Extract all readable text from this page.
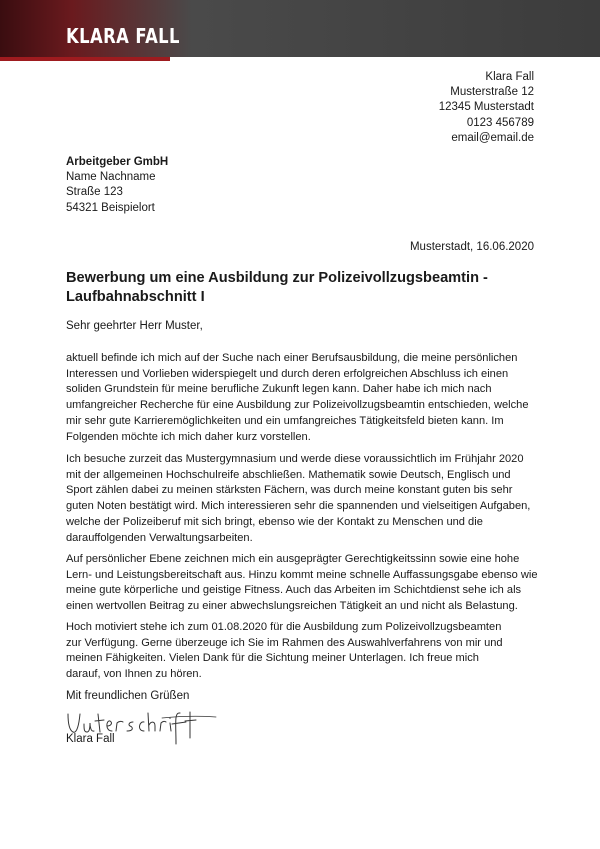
KLARA FALL
Klara Fall
Musterstraße 12
12345 Musterstadt
0123 456789
email@email.de
Arbeitgeber GmbH
Name Nachname
Straße 123
54321 Beispielort
Musterstadt, 16.06.2020
Bewerbung um eine Ausbildung zur Polizeivollzugsbeamtin -
Laufbahnabschnitt I
Sehr geehrter Herr Muster,
aktuell befinde ich mich auf der Suche nach einer Berufsausbildung, die meine persönlichen
Interessen und Vorlieben widerspiegelt und durch deren erfolgreichen Abschluss ich einen
soliden Grundstein für meine berufliche Zukunft legen kann. Daher habe ich mich nach
umfangreicher Recherche für eine Ausbildung zur Polizeivollzugsbeamtin entschieden, welche
mir sehr gute Karrieremöglichkeiten und ein umfangreiches Tätigkeitsfeld bieten kann. Im
Folgenden möchte ich mich daher kurz vorstellen.
Ich besuche zurzeit das Mustergymnasium und werde diese voraussichtlich im Frühjahr 2020
mit der allgemeinen Hochschulreife abschließen. Mathematik sowie Deutsch, Englisch und
Sport zählen dabei zu meinen stärksten Fächern, was durch meine konstant guten bis sehr
guten Noten bestätigt wird. Mich interessieren sehr die spannenden und vielseitigen Aufgaben,
welche der Polizeiberuf mit sich bringt, ebenso wie der Kontakt zu Menschen und die
darauffolgenden Verwaltungsarbeiten.
Auf persönlicher Ebene zeichnen mich ein ausgeprägter Gerechtigkeitssinn sowie eine hohe
Lern- und Leistungsbereitschaft aus. Hinzu kommt meine schnelle Auffassungsgabe ebenso wie
meine gute körperliche und geistige Fitness. Auch das Arbeiten im Schichtdienst sehe ich als
einen wertvollen Beitrag zu einer abwechslungsreichen Tätigkeit an und nicht als Belastung.
Hoch motiviert stehe ich zum 01.08.2020 für die Ausbildung zum Polizeivollzugsbeamten
zur Verfügung. Gerne überzeuge ich Sie im Rahmen des Auswahlverfahrens von mir und
meinen Fähigkeiten. Vielen Dank für die Sichtung meiner Unterlagen. Ich freue mich
darauf, von Ihnen zu hören.
Mit freundlichen Grüßen
Klara Fall
